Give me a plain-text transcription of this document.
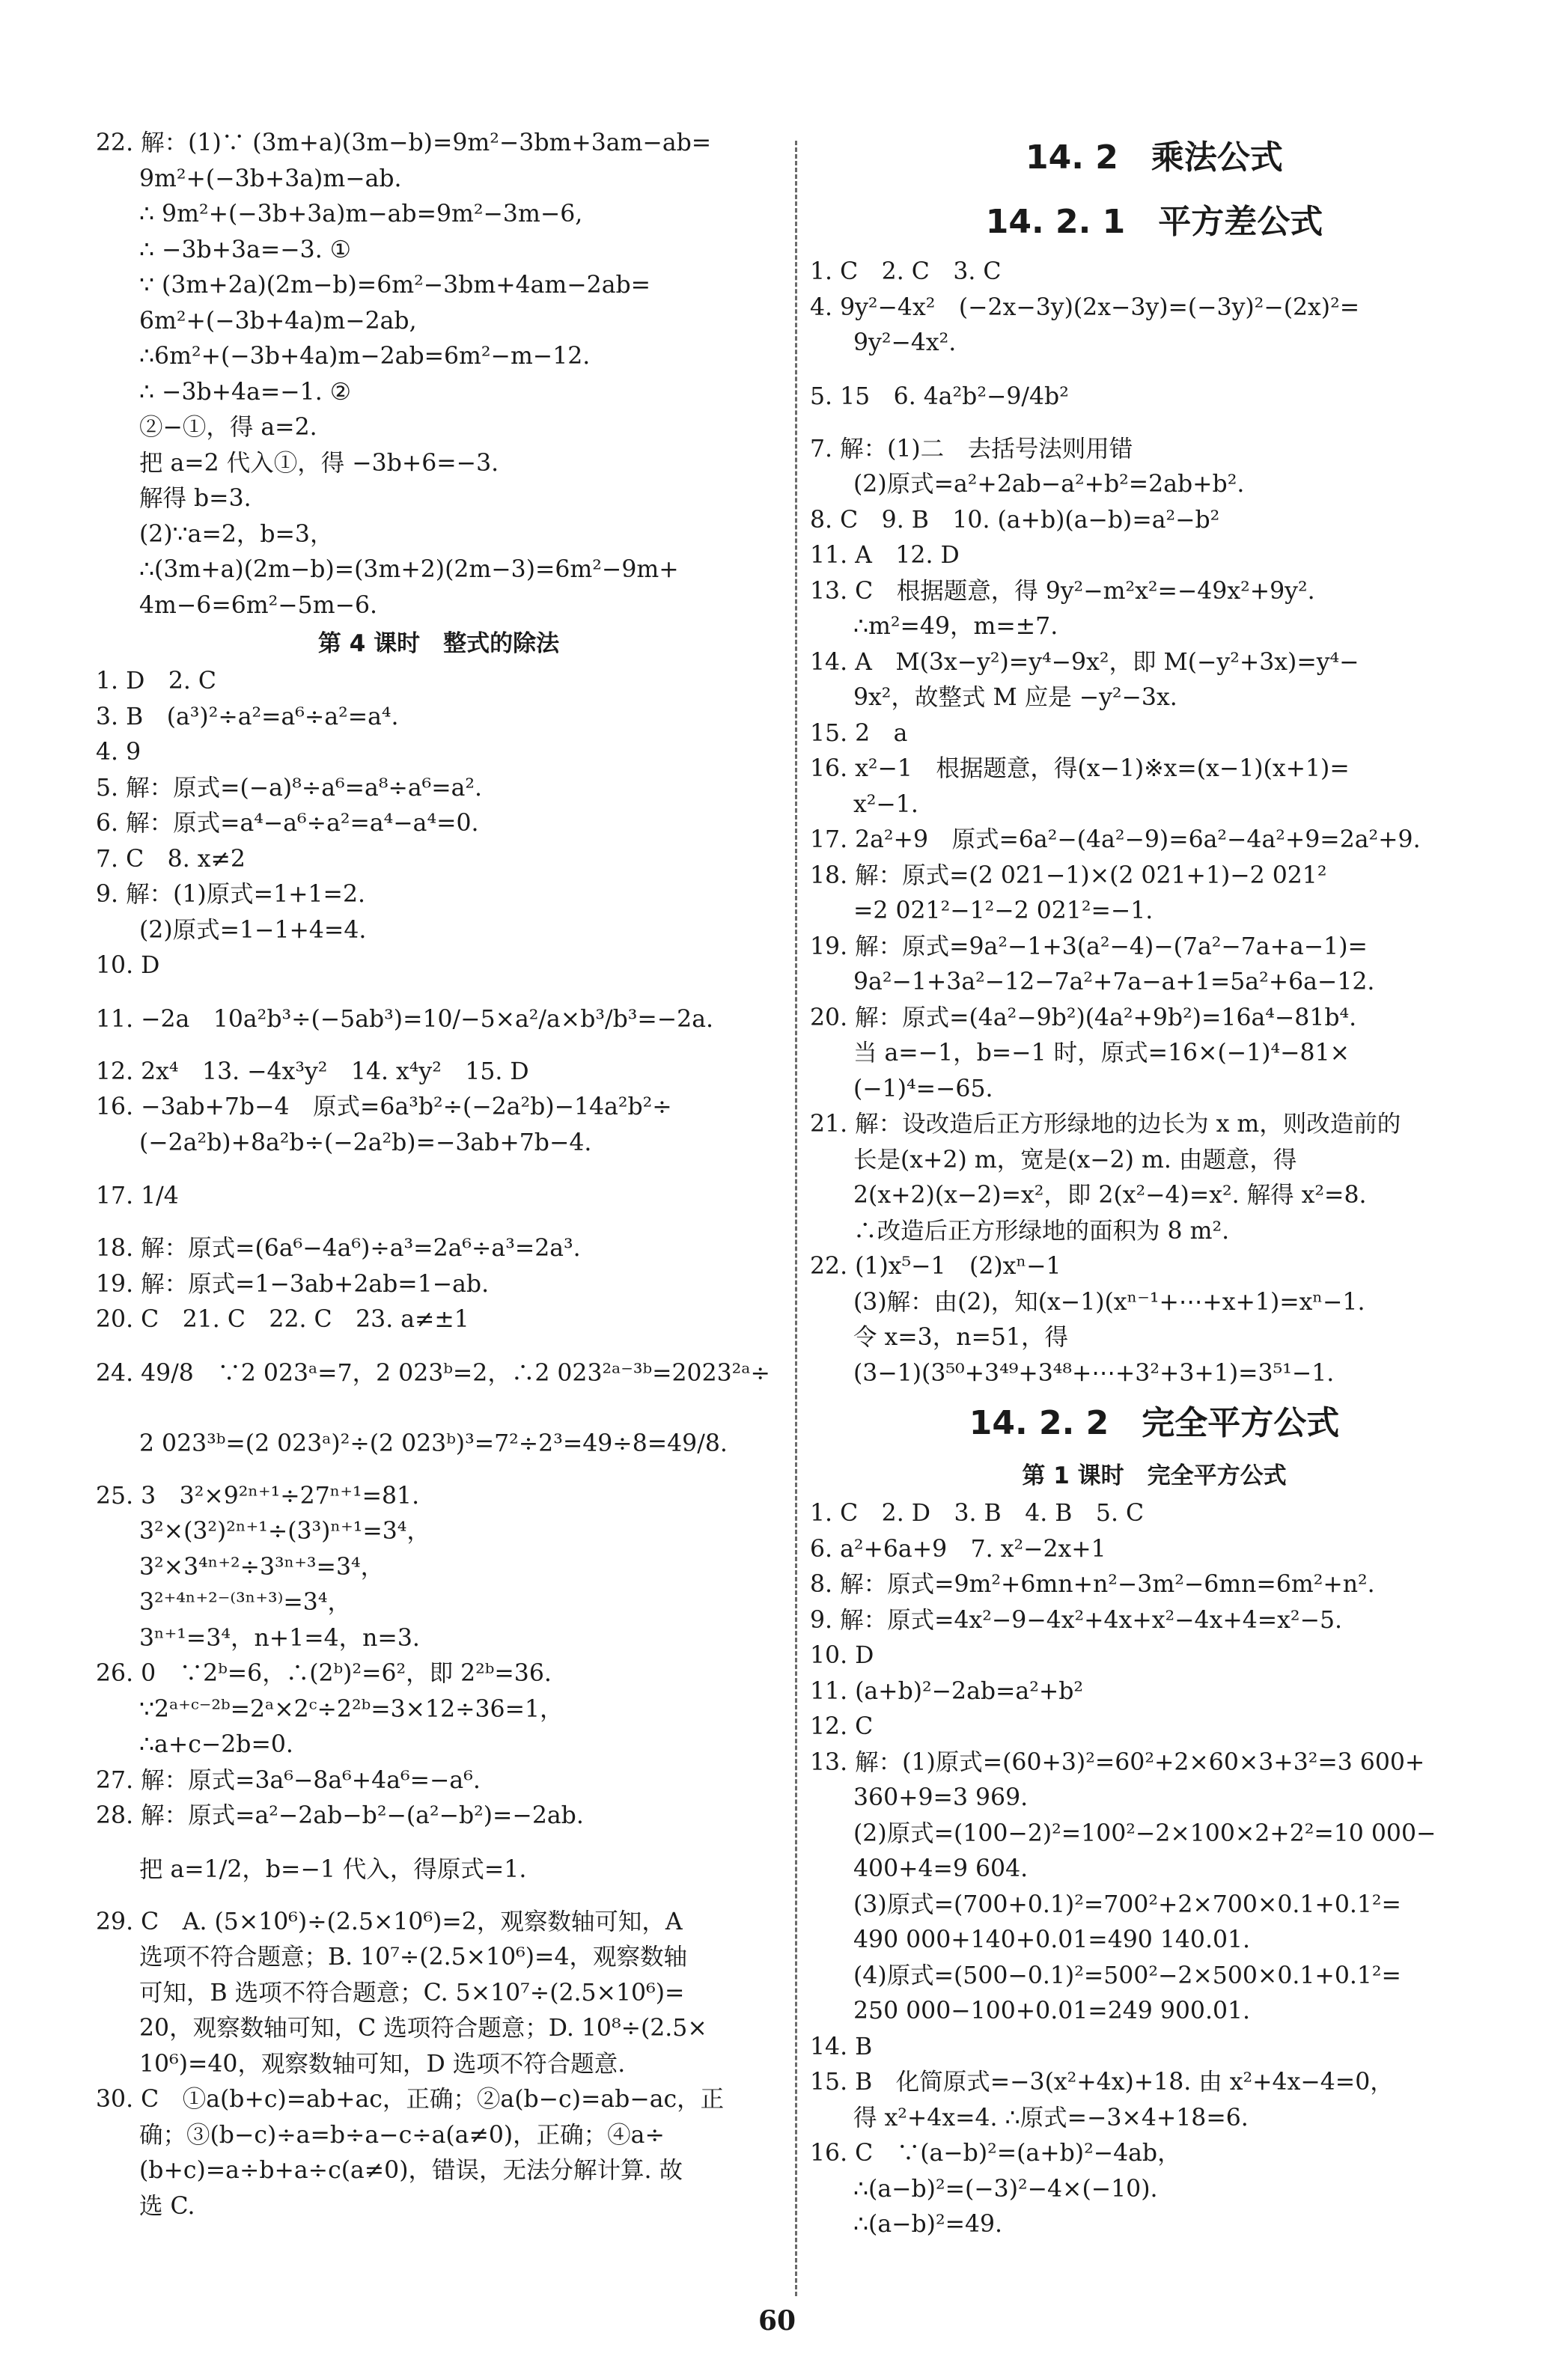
22. 解：(1)∵ (3m+a)(3m−b)=9m²−3bm+3am−ab=
9m²+(−3b+3a)m−ab.
∴ 9m²+(−3b+3a)m−ab=9m²−3m−6,
∴ −3b+3a=−3. ①
∵ (3m+2a)(2m−b)=6m²−3bm+4am−2ab=
6m²+(−3b+4a)m−2ab,
∴6m²+(−3b+4a)m−2ab=6m²−m−12.
∴ −3b+4a=−1. ②
②−①，得 a=2.
把 a=2 代入①，得 −3b+6=−3.
解得 b=3.
(2)∵a=2，b=3，
∴(3m+a)(2m−b)=(3m+2)(2m−3)=6m²−9m+
4m−6=6m²−5m−6.
第 4 课时　整式的除法
1. D　2. C
3. B　(a³)²÷a²=a⁶÷a²=a⁴.
4. 9
5. 解：原式=(−a)⁸÷a⁶=a⁸÷a⁶=a².
6. 解：原式=a⁴−a⁶÷a²=a⁴−a⁴=0.
7. C　8. x≠2
9. 解：(1)原式=1+1=2.
(2)原式=1−1+4=4.
10. D
11. −2a　10a²b³÷(−5ab³)=10/−5×a²/a×b³/b³=−2a.
12. 2x⁴　13. −4x³y²　14. x⁴y²　15. D
16. −3ab+7b−4　原式=6a³b²÷(−2a²b)−14a²b²÷
(−2a²b)+8a²b÷(−2a²b)=−3ab+7b−4.
17. 1/4
18. 解：原式=(6a⁶−4a⁶)÷a³=2a⁶÷a³=2a³.
19. 解：原式=1−3ab+2ab=1−ab.
20. C　21. C　22. C　23. a≠±1
24. 49/8　∵2 023ᵃ=7，2 023ᵇ=2，∴2 023²ᵃ⁻³ᵇ=2023²ᵃ÷
2 023³ᵇ=(2 023ᵃ)²÷(2 023ᵇ)³=7²÷2³=49÷8=49/8.
25. 3　3²×9²ⁿ⁺¹÷27ⁿ⁺¹=81.
3²×(3²)²ⁿ⁺¹÷(3³)ⁿ⁺¹=3⁴，
3²×3⁴ⁿ⁺²÷3³ⁿ⁺³=3⁴，
3²⁺⁴ⁿ⁺²⁻⁽³ⁿ⁺³⁾=3⁴，
3ⁿ⁺¹=3⁴，n+1=4，n=3.
26. 0　∵2ᵇ=6，∴(2ᵇ)²=6²，即 2²ᵇ=36.
∵2ᵃ⁺ᶜ⁻²ᵇ=2ᵃ×2ᶜ÷2²ᵇ=3×12÷36=1，
∴a+c−2b=0.
27. 解：原式=3a⁶−8a⁶+4a⁶=−a⁶.
28. 解：原式=a²−2ab−b²−(a²−b²)=−2ab.
把 a=1/2，b=−1 代入，得原式=1.
29. C　A. (5×10⁶)÷(2.5×10⁶)=2，观察数轴可知，A
选项不符合题意；B. 10⁷÷(2.5×10⁶)=4，观察数轴
可知，B 选项不符合题意；C. 5×10⁷÷(2.5×10⁶)=
20，观察数轴可知，C 选项符合题意；D. 10⁸÷(2.5×
10⁶)=40，观察数轴可知，D 选项不符合题意.
30. C　①a(b+c)=ab+ac，正确；②a(b−c)=ab−ac，正
确；③(b−c)÷a=b÷a−c÷a(a≠0)，正确；④a÷
(b+c)=a÷b+a÷c(a≠0)，错误，无法分解计算. 故
选 C.
14. 2　乘法公式
14. 2. 1　平方差公式
1. C　2. C　3. C
4. 9y²−4x²　(−2x−3y)(2x−3y)=(−3y)²−(2x)²=
9y²−4x².
5. 15　6. 4a²b²−9/4b²
7. 解：(1)二　去括号法则用错
(2)原式=a²+2ab−a²+b²=2ab+b².
8. C　9. B　10. (a+b)(a−b)=a²−b²
11. A　12. D
13. C　根据题意，得 9y²−m²x²=−49x²+9y².
∴m²=49，m=±7.
14. A　M(3x−y²)=y⁴−9x²，即 M(−y²+3x)=y⁴−
9x²，故整式 M 应是 −y²−3x.
15. 2　a
16. x²−1　根据题意，得(x−1)※x=(x−1)(x+1)=
x²−1.
17. 2a²+9　原式=6a²−(4a²−9)=6a²−4a²+9=2a²+9.
18. 解：原式=(2 021−1)×(2 021+1)−2 021²
=2 021²−1²−2 021²=−1.
19. 解：原式=9a²−1+3(a²−4)−(7a²−7a+a−1)=
9a²−1+3a²−12−7a²+7a−a+1=5a²+6a−12.
20. 解：原式=(4a²−9b²)(4a²+9b²)=16a⁴−81b⁴.
当 a=−1，b=−1 时，原式=16×(−1)⁴−81×
(−1)⁴=−65.
21. 解：设改造后正方形绿地的边长为 x m，则改造前的
长是(x+2) m，宽是(x−2) m. 由题意，得
2(x+2)(x−2)=x²，即 2(x²−4)=x². 解得 x²=8.
∴改造后正方形绿地的面积为 8 m².
22. (1)x⁵−1　(2)xⁿ−1
(3)解：由(2)，知(x−1)(xⁿ⁻¹+⋯+x+1)=xⁿ−1.
令 x=3，n=51，得
(3−1)(3⁵⁰+3⁴⁹+3⁴⁸+⋯+3²+3+1)=3⁵¹−1.
14. 2. 2　完全平方公式
第 1 课时　完全平方公式
1. C　2. D　3. B　4. B　5. C
6. a²+6a+9　7. x²−2x+1
8. 解：原式=9m²+6mn+n²−3m²−6mn=6m²+n².
9. 解：原式=4x²−9−4x²+4x+x²−4x+4=x²−5.
10. D
11. (a+b)²−2ab=a²+b²
12. C
13. 解：(1)原式=(60+3)²=60²+2×60×3+3²=3 600+
360+9=3 969.
(2)原式=(100−2)²=100²−2×100×2+2²=10 000−
400+4=9 604.
(3)原式=(700+0.1)²=700²+2×700×0.1+0.1²=
490 000+140+0.01=490 140.01.
(4)原式=(500−0.1)²=500²−2×500×0.1+0.1²=
250 000−100+0.01=249 900.01.
14. B
15. B　化简原式=−3(x²+4x)+18. 由 x²+4x−4=0，
得 x²+4x=4. ∴原式=−3×4+18=6.
16. C　∵(a−b)²=(a+b)²−4ab，
∴(a−b)²=(−3)²−4×(−10).
∴(a−b)²=49.
60
